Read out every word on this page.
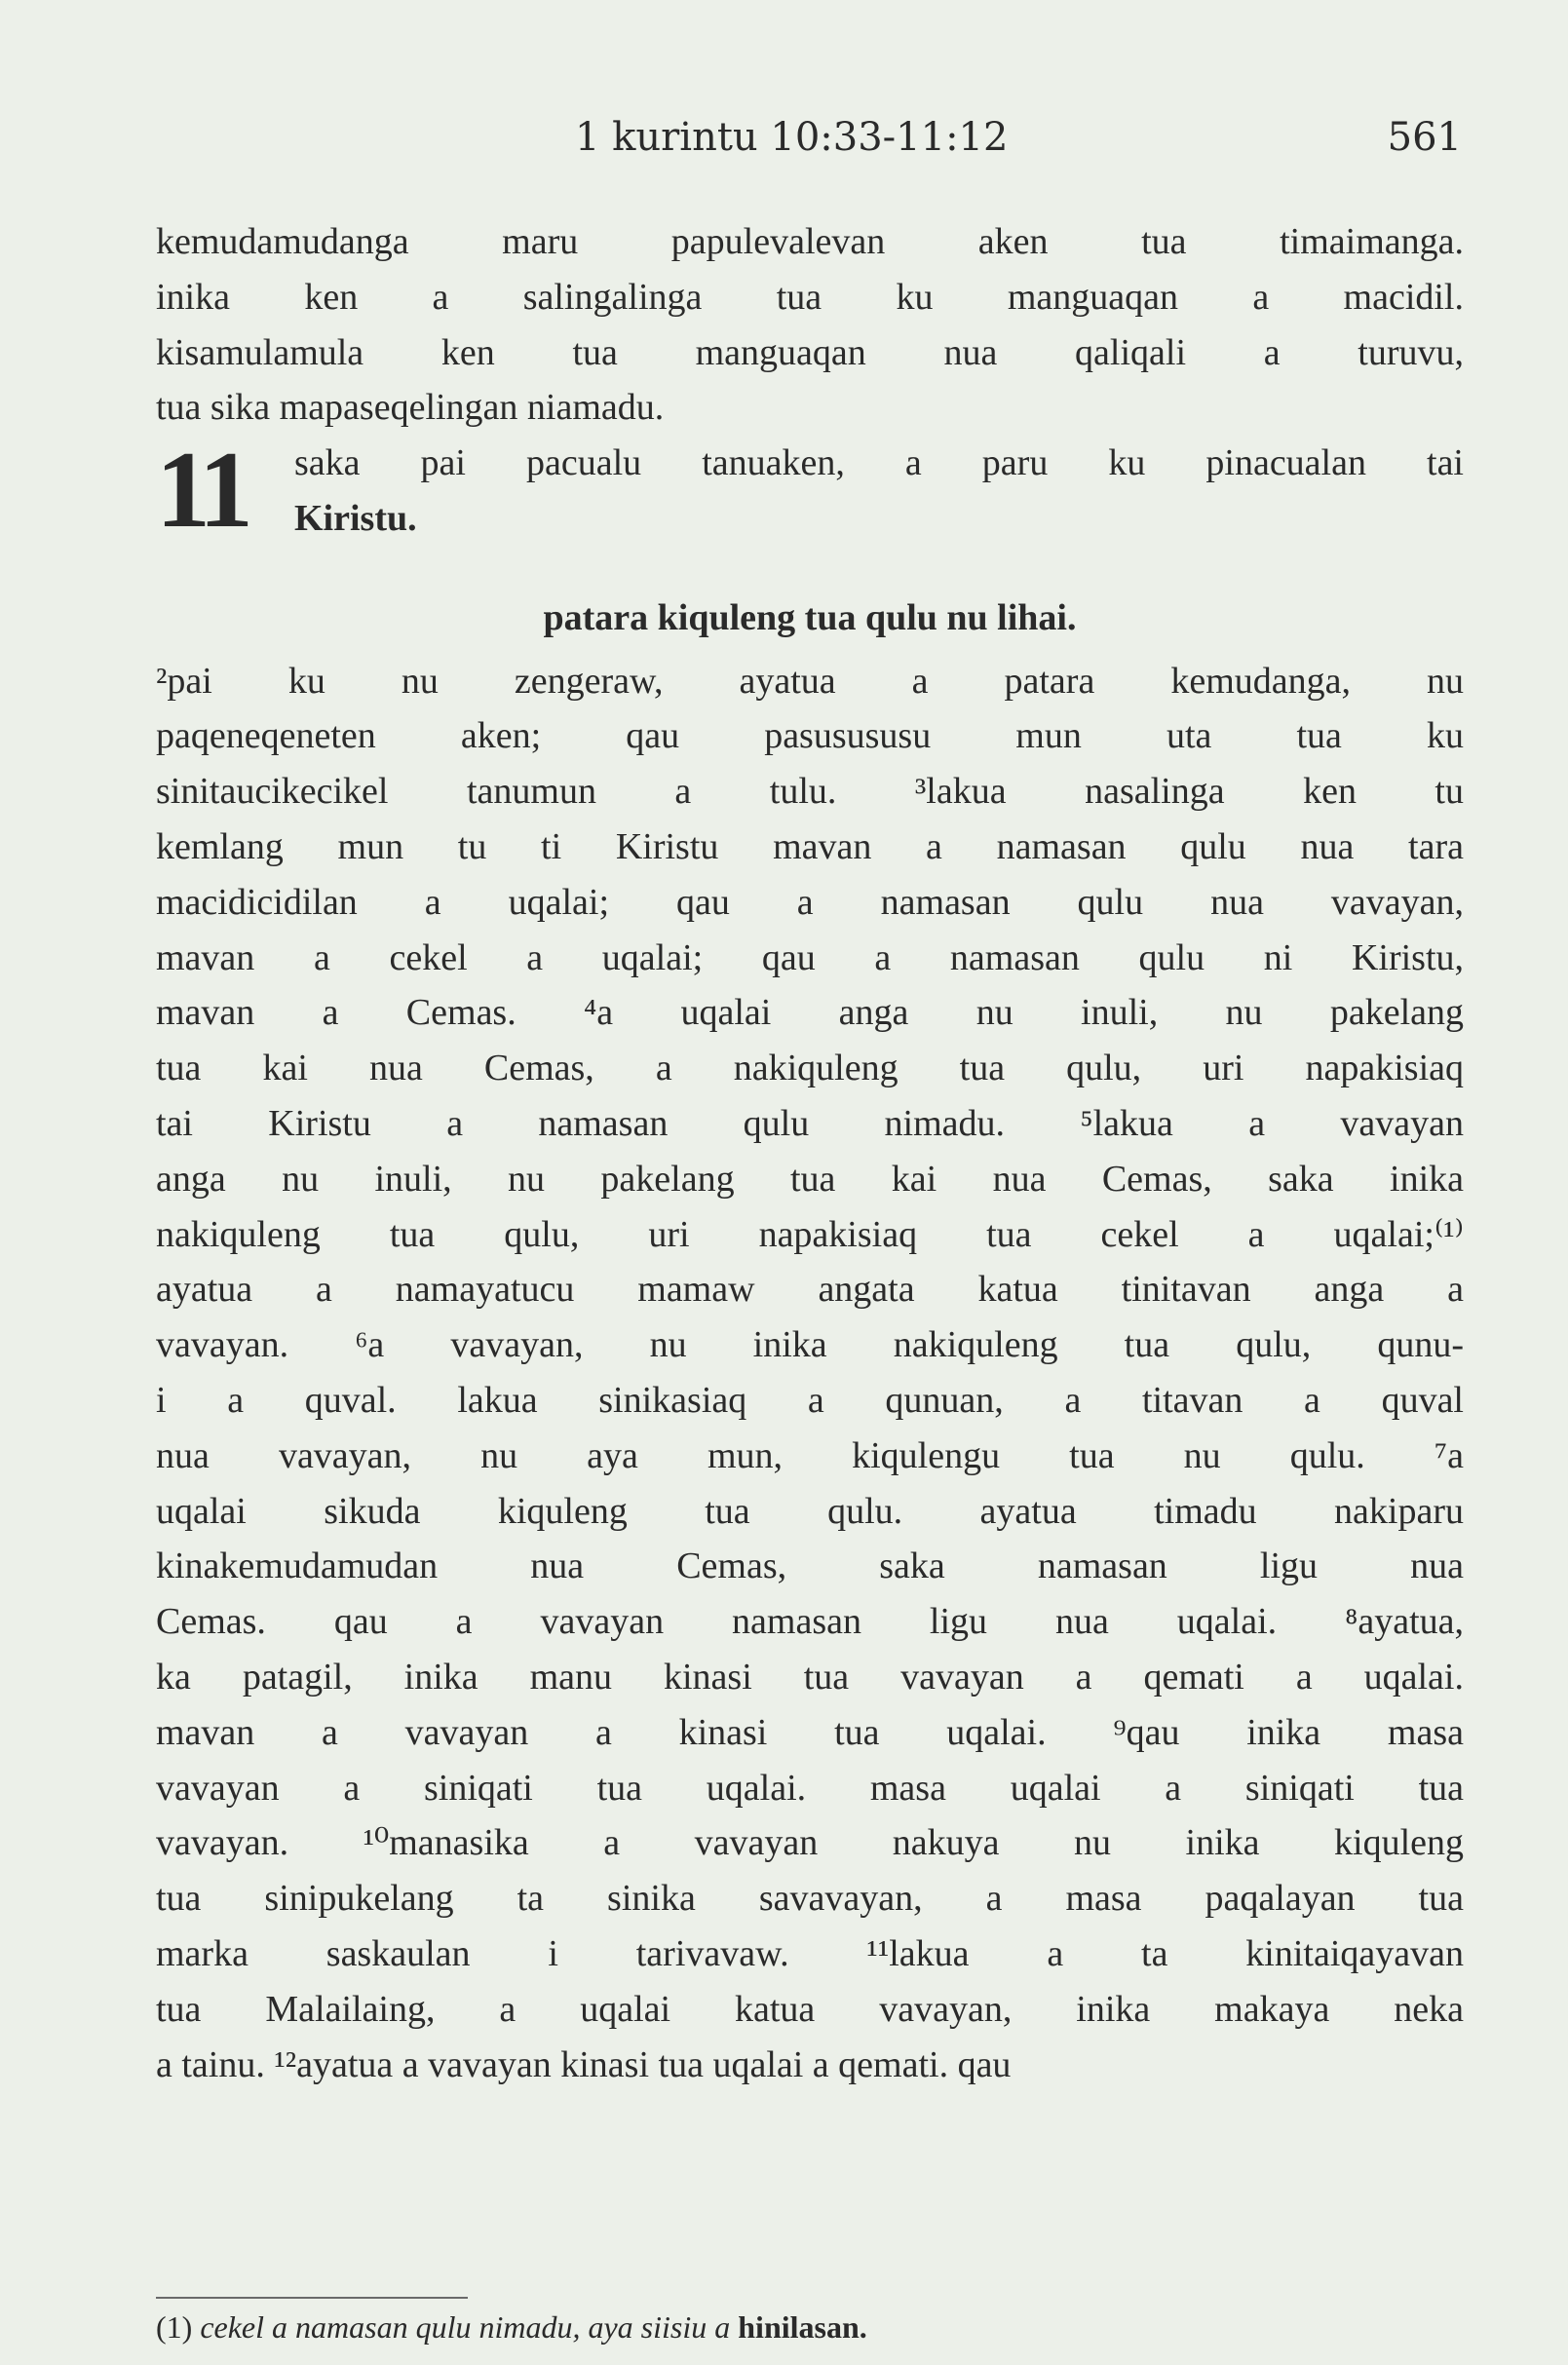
1 kurintu 10:33-11:12	561
kemudamudanga maru papulevalevan aken tua timaimanga.
inika ken a salingalinga tua ku manguaqan a macidil.
kisamulamula ken tua manguaqan nua qaliqali a turuvu,
tua sika mapaseqelingan niamadu.
11	saka pai pacualu tanuaken, a paru ku pinacualan tai
Kiristu.
patara kiquleng tua qulu nu lihai.
²pai ku nu zengeraw, ayatua a patara kemudanga, nu
paqeneqeneten aken; qau pasusususu mun uta tua ku
sinitaucikecikel tanumun a tulu. ³lakua nasalinga ken tu
kemlang mun tu ti Kiristu mavan a namasan qulu nua tara
macidicidilan a uqalai; qau a namasan qulu nua vavayan,
mavan a cekel a uqalai; qau a namasan qulu ni Kiristu,
mavan a Cemas. ⁴a uqalai anga nu inuli, nu pakelang
tua kai nua Cemas, a nakiquleng tua qulu, uri napakisiaq
tai Kiristu a namasan qulu nimadu. ⁵lakua a vavayan
anga nu inuli, nu pakelang tua kai nua Cemas, saka inika
nakiquleng tua qulu, uri napakisiaq tua cekel a uqalai;⁽¹⁾
ayatua a namayatucu mamaw angata katua tinitavan anga a
vavayan. ⁶a vavayan, nu inika nakiquleng tua qulu, qunu-
i a quval. lakua sinikasiaq a qunuan, a titavan a quval
nua vavayan, nu aya mun, kiqulengu tua nu qulu. ⁷a
uqalai sikuda kiquleng tua qulu. ayatua timadu nakiparu
kinakemudamudan nua Cemas, saka namasan ligu nua
Cemas. qau a vavayan namasan ligu nua uqalai. ⁸ayatua,
ka patagil, inika manu kinasi tua vavayan a qemati a uqalai.
mavan a vavayan a kinasi tua uqalai. ⁹qau inika masa
vavayan a siniqati tua uqalai. masa uqalai a siniqati tua
vavayan. ¹⁰manasika a vavayan nakuya nu inika kiquleng
tua sinipukelang ta sinika savavayan, a masa paqalayan tua
marka saskaulan i tarivavaw. ¹¹lakua a ta kinitaiqayavan
tua Malailaing, a uqalai katua vavayan, inika makaya neka
a tainu. ¹²ayatua a vavayan kinasi tua uqalai a qemati. qau
(1) cekel a namasan qulu nimadu, aya siisiu a hinilasan.
